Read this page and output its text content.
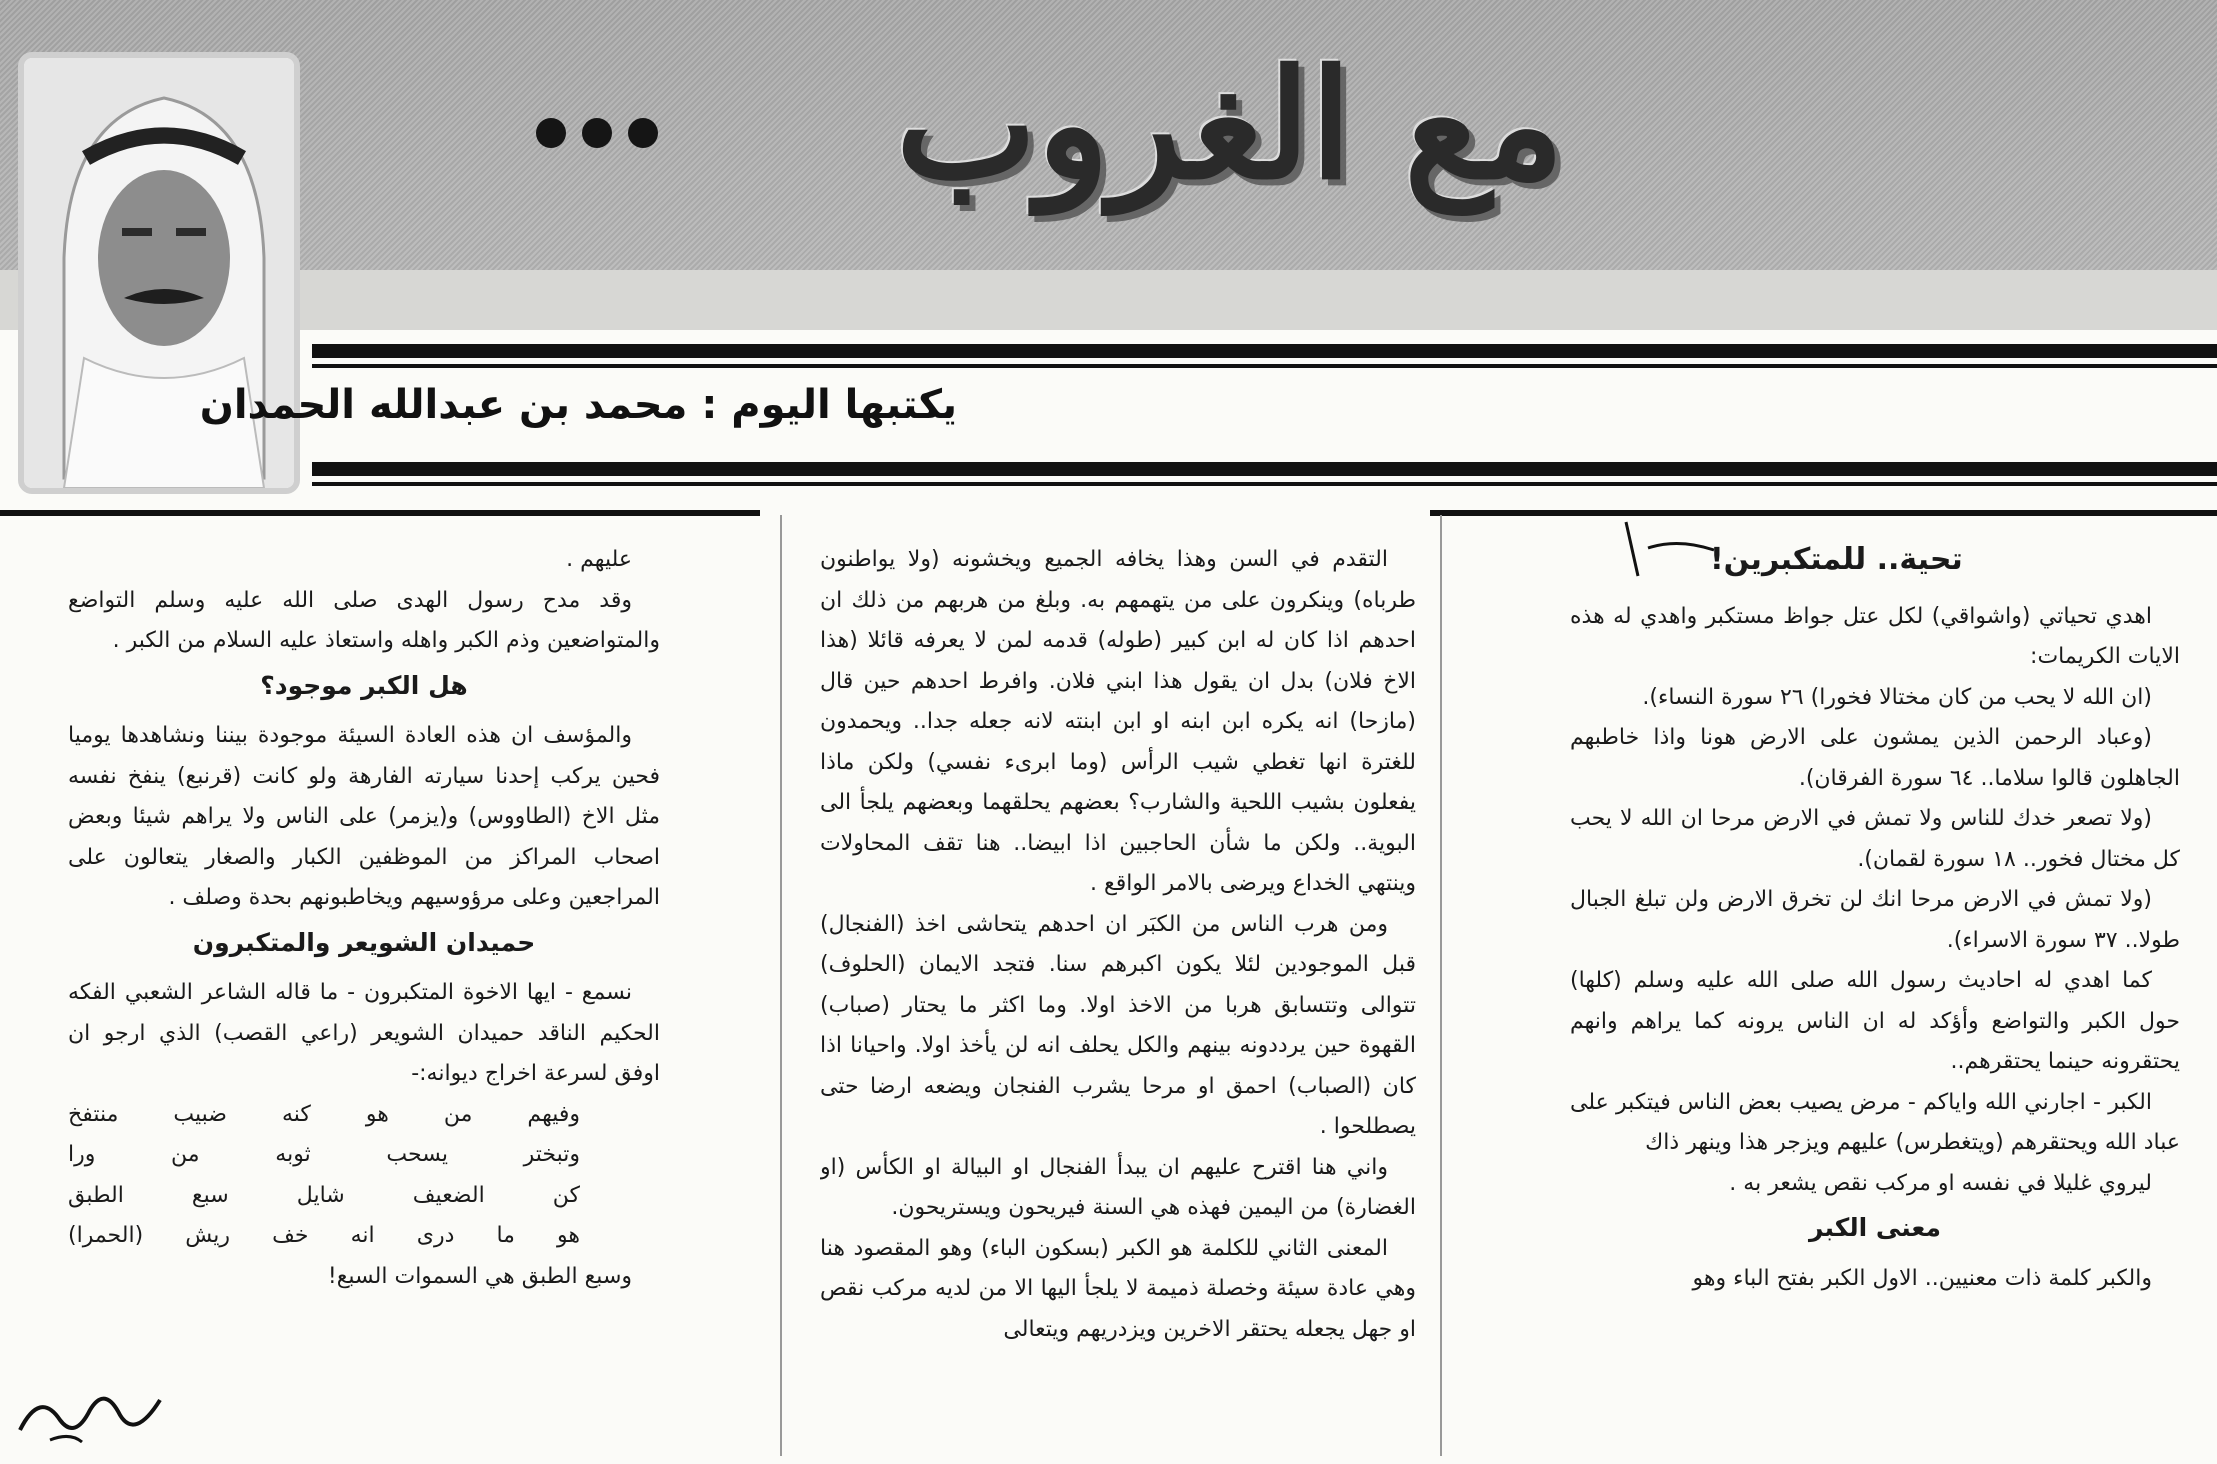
مع الغروب
يكتبها اليوم : محمد بن عبدالله الحمدان
تحية.. للمتكبرين!

اهدي تحياتي (واشواقي) لكل عتل جواظ مستكبر واهدي له هذه الايات الكريمات:

(ان الله لا يحب من كان مختالا فخورا) ٢٦ سورة النساء).

(وعباد الرحمن الذين يمشون على الارض هونا واذا خاطبهم الجاهلون قالوا سلاما.. ٦٤ سورة الفرقان).

(ولا تصعر خدك للناس ولا تمش في الارض مرحا ان الله لا يحب كل مختال فخور.. ١٨ سورة لقمان).

(ولا تمش في الارض مرحا انك لن تخرق الارض ولن تبلغ الجبال طولا.. ٣٧ سورة الاسراء).

كما اهدي له احاديث رسول الله صلى الله عليه وسلم (كلها) حول الكبر والتواضع وأؤكد له ان الناس يرونه كما يراهم وانهم يحتقرونه حينما يحتقرهم..

الكبر - اجارني الله واياكم - مرض يصيب بعض الناس فيتكبر على عباد الله ويحتقرهم (ويتغطرس) عليهم ويزجر هذا وينهر ذاك

ليروي غليلا في نفسه او مركب نقص يشعر به .

معنى الكبر

والكبر كلمة ذات معنيين.. الاول الكبر بفتح الباء وهو

التقدم في السن وهذا يخافه الجميع ويخشونه (ولا يواطنون طرباه) وينكرون على من يتهمهم به. وبلغ من هربهم من ذلك ان احدهم اذا كان له ابن كبير (طوله) قدمه لمن لا يعرفه قائلا (هذا الاخ فلان) بدل ان يقول هذا ابني فلان. وافرط احدهم حين قال (مازحا) انه يكره ابن ابنه او ابن ابنته لانه جعله جدا.. ويحمدون للغترة انها تغطي شيب الرأس (وما ابرىء نفسي) ولكن ماذا يفعلون بشيب اللحية والشارب؟ بعضهم يحلقهما وبعضهم يلجأ الى البوية.. ولكن ما شأن الحاجبين اذا ابيضا.. هنا تقف المحاولات وينتهي الخداع ويرضى بالامر الواقع .

ومن هرب الناس من الكبَر ان احدهم يتحاشى اخذ (الفنجال) قبل الموجودين لئلا يكون اكبرهم سنا. فتجد الايمان (الحلوف) تتوالى وتتسابق هربا من الاخذ اولا. وما اكثر ما يحتار (صباب) القهوة حين يرددونه بينهم والكل يحلف انه لن يأخذ اولا. واحيانا اذا كان (الصباب) احمق او مرحا يشرب الفنجان ويضعه ارضا حتى يصطلحوا .

واني هنا اقترح عليهم ان يبدأ الفنجال او البيالة او الكأس (او الغضارة) من اليمين فهذه هي السنة فيريحون ويستريحون.

المعنى الثاني للكلمة هو الكبر (بسكون الباء) وهو المقصود هنا وهي عادة سيئة وخصلة ذميمة لا يلجأ اليها الا من لديه مركب نقص او جهل يجعله يحتقر الاخرين ويزدريهم ويتعالى

عليهم .

وقد مدح رسول الهدى صلى الله عليه وسلم التواضع والمتواضعين وذم الكبر واهله واستعاذ عليه السلام من الكبر .

هل الكبر موجود؟

والمؤسف ان هذه العادة السيئة موجودة بيننا ونشاهدها يوميا فحين يركب إحدنا سيارته الفارهة ولو كانت (قرنبع) ينفخ نفسه مثل الاخ (الطاووس) و(يزمر) على الناس ولا يراهم شيئا وبعض اصحاب المراكز من الموظفين الكبار والصغار يتعالون على المراجعين وعلى مرؤوسيهم ويخاطبونهم بحدة وصلف .

حميدان الشويعر والمتكبرون

نسمع - ايها الاخوة المتكبرون - ما قاله الشاعر الشعبي الفكه الحكيم الناقد حميدان الشويعر (راعي القصب) الذي ارجو ان اوفق لسرعة اخراج ديوانه:-

وفيهم من هو كنه ضبيب منتفخ

وتبختر يسحب ثوبه من ورا

كن الضعيف شايل سبع الطبق

هو ما درى انه خف ريش (الحمرا)

وسبع الطبق هي السموات السبع!
